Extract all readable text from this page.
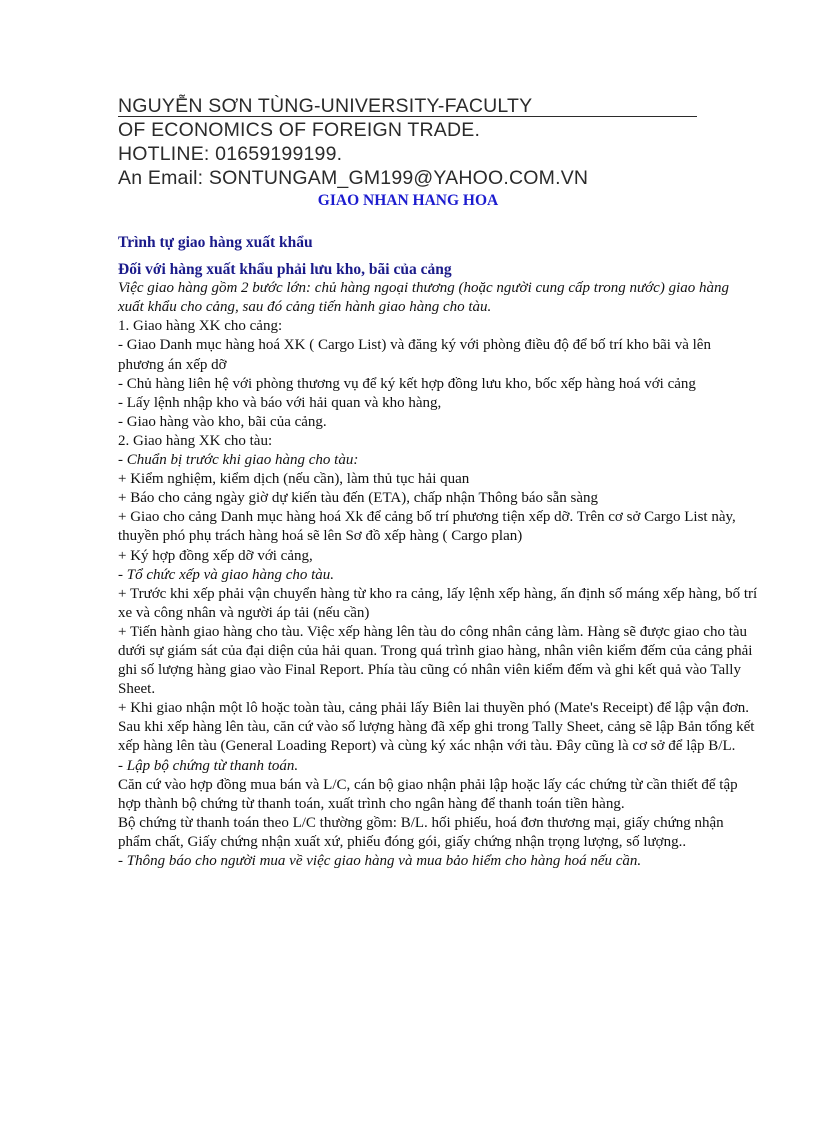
NGUYỄN SƠN TÙNG-UNIVERSITY-FACULTY
OF ECONOMICS OF FOREIGN TRADE.
HOTLINE: 01659199199.
An Email: SONTUNGAM_GM199@YAHOO.COM.VN
GIAO NHAN HANG HOA

Trình tự giao hàng xuất khẩu

Đối với hàng xuất khẩu phải lưu kho, bãi của cảng

Việc giao hàng gồm 2 bước lớn: chủ hàng ngoại thương (hoặc người cung cấp trong nước) giao hàng xuất khẩu cho cảng, sau đó cảng tiến hành giao hàng cho tàu.

1. Giao hàng XK cho cảng:

- Giao Danh mục hàng hoá XK ( Cargo List) và đăng ký với phòng điều độ để bố trí kho bãi và lên phương án xếp dỡ

- Chủ hàng liên hệ với phòng thương vụ để ký kết hợp đồng lưu kho, bốc xếp hàng hoá với cảng

- Lấy lệnh nhập kho và báo với hải quan và kho hàng,

- Giao hàng vào kho, bãi của cảng.

2. Giao hàng XK cho tàu:

- Chuẩn bị trước khi giao hàng cho tàu:

+ Kiểm nghiệm, kiểm dịch (nếu cần), làm thủ tục hải quan

+ Báo cho cảng ngày giờ dự kiến tàu đến (ETA), chấp nhận Thông báo sẵn sàng

+ Giao cho cảng Danh mục hàng hoá Xk để cảng bố trí phương tiện xếp dỡ. Trên cơ sở Cargo List này, thuyền phó phụ trách hàng hoá sẽ lên Sơ đồ xếp hàng ( Cargo plan)

+ Ký hợp đồng xếp dỡ với cảng,

- Tổ chức xếp và giao hàng cho tàu.

+ Trước khi xếp phải vận chuyển hàng từ kho ra cảng, lấy lệnh xếp hàng, ấn định số máng xếp hàng, bố trí xe và công nhân và người áp tải (nếu cần)

+ Tiến hành giao hàng cho tàu. Việc xếp hàng lên tàu do công nhân cảng làm. Hàng sẽ được giao cho tàu dưới sự giám sát của đại diện của hải quan. Trong quá trình giao hàng, nhân viên kiểm đếm của cảng phải ghi số lượng hàng giao vào Final Report. Phía tàu cũng có nhân viên kiểm đếm và ghi kết quả vào Tally Sheet.

+ Khi giao nhận một lô hoặc toàn tàu, cảng phải lấy Biên lai thuyền phó (Mate's Receipt) để lập vận đơn.

Sau khi xếp hàng lên tàu, căn cứ vào số lượng hàng đã xếp ghi trong Tally Sheet, cảng sẽ lập Bản tổng kết xếp hàng lên tàu (General Loading Report) và cùng ký xác nhận với tàu. Đây cũng là cơ sở để lập B/L.

- Lập bộ chứng từ thanh toán.

Căn cứ vào hợp đồng mua bán và L/C, cán bộ giao nhận phải lập hoặc lấy các chứng từ cần thiết để tập hợp thành bộ chứng từ thanh toán, xuất trình cho ngân hàng để thanh toán tiền hàng.

Bộ chứng từ thanh toán theo L/C thường gồm: B/L. hối phiếu, hoá đơn thương mại, giấy chứng nhận phẩm chất, Giấy chứng nhận xuất xứ, phiếu đóng gói, giấy chứng nhận trọng lượng, số lượng..

- Thông báo cho người mua về việc giao hàng và mua bảo hiểm cho hàng hoá nếu cần.
